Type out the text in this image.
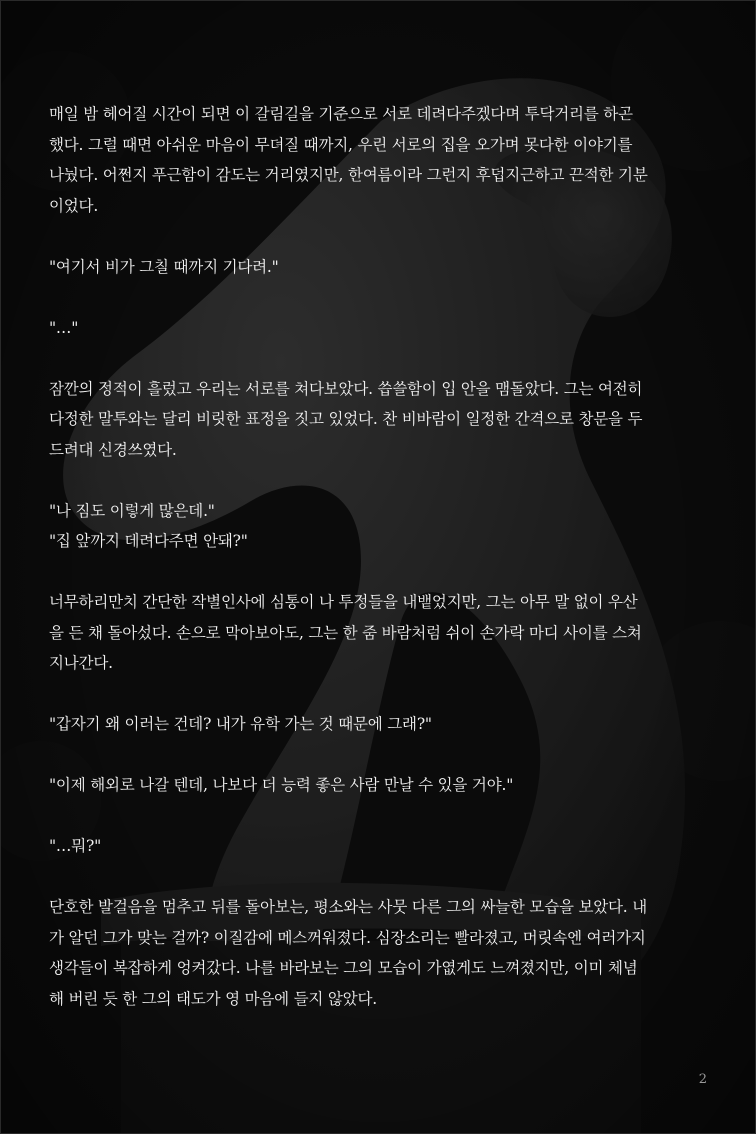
매일 밤 헤어질 시간이 되면 이 갈림길을 기준으로 서로 데려다주겠다며 투닥거리를 하곤
했다. 그럴 때면 아쉬운 마음이 무뎌질 때까지, 우린 서로의 집을 오가며 못다한 이야기를
나눴다. 어쩐지 푸근함이 감도는 거리였지만, 한여름이라 그런지 후덥지근하고 끈적한 기분
이었다.
"여기서 비가 그칠 때까지 기다려."
"…"
잠깐의 정적이 흘렀고 우리는 서로를 쳐다보았다. 씁쓸함이 입 안을 맴돌았다. 그는 여전히
다정한 말투와는 달리 비릿한 표정을 짓고 있었다. 찬 비바람이 일정한 간격으로 창문을 두
드려대 신경쓰였다.
"나 짐도 이렇게 많은데."
"집 앞까지 데려다주면 안돼?"
너무하리만치 간단한 작별인사에 심통이 나 투정들을 내뱉었지만, 그는 아무 말 없이 우산
을 든 채 돌아섰다. 손으로 막아보아도, 그는 한 줌 바람처럼 쉬이 손가락 마디 사이를 스쳐
지나간다.
"갑자기 왜 이러는 건데? 내가 유학 가는 것 때문에 그래?"
"이제 해외로 나갈 텐데, 나보다 더 능력 좋은 사람 만날 수 있을 거야."
"…뭐?"
단호한 발걸음을 멈추고 뒤를 돌아보는, 평소와는 사뭇 다른 그의 싸늘한 모습을 보았다. 내
가 알던 그가 맞는 걸까? 이질감에 메스꺼워졌다. 심장소리는 빨라졌고, 머릿속엔 여러가지
생각들이 복잡하게 엉켜갔다. 나를 바라보는 그의 모습이 가엾게도 느껴졌지만, 이미 체념
해 버린 듯 한 그의 태도가 영 마음에 들지 않았다.
2
